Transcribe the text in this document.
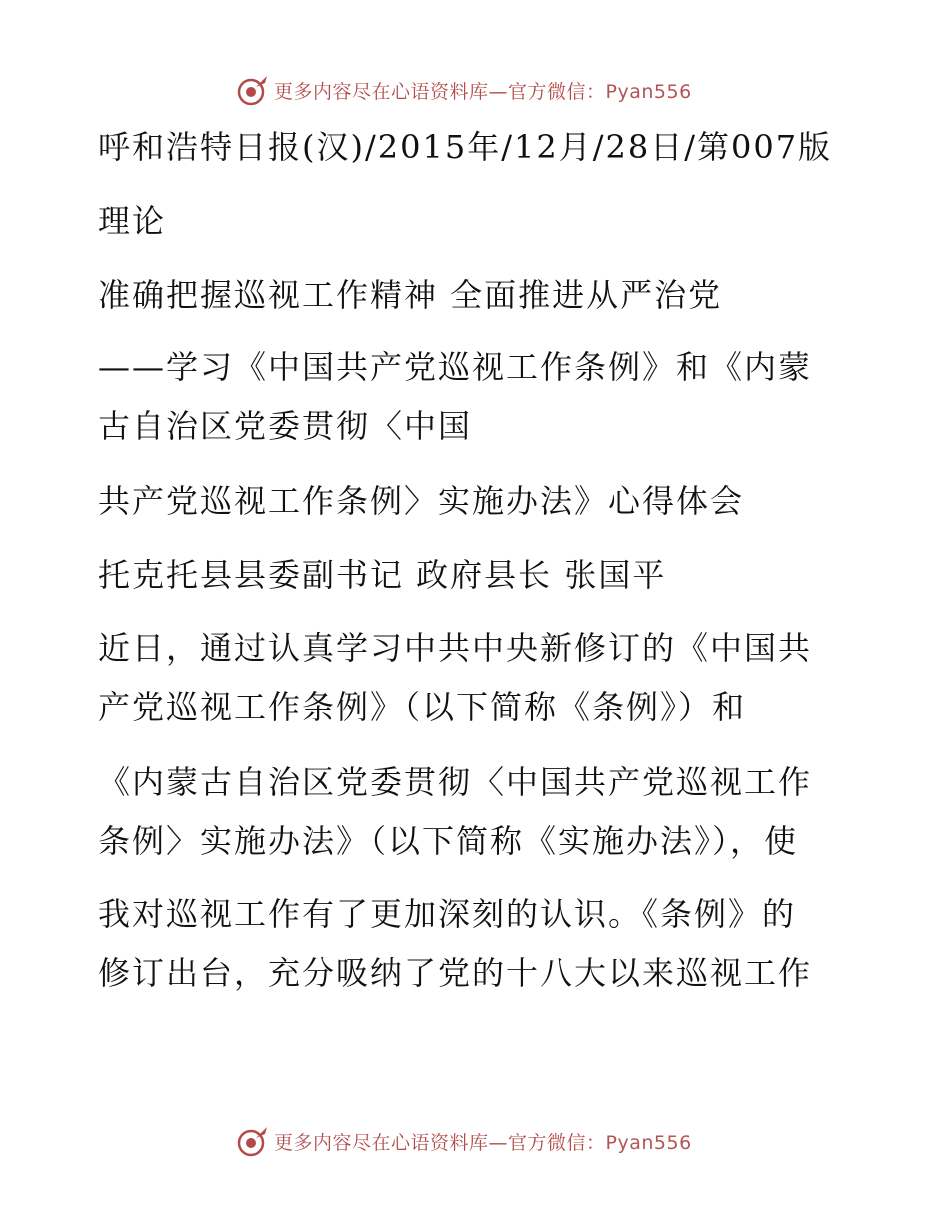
更多内容尽在心语资料库—官方微信：Pyan556
呼和浩特日报(汉)/2015年/12月/28日/第007版
理论
准确把握巡视工作精神 全面推进从严治党
——学习《中国共产党巡视工作条例》和《内蒙
古自治区党委贯彻〈中国
共产党巡视工作条例〉实施办法》心得体会
托克托县县委副书记 政府县长 张国平
近日，通过认真学习中共中央新修订的《中国共
产党巡视工作条例》（以下简称《条例》）和
《内蒙古自治区党委贯彻〈中国共产党巡视工作
条例〉实施办法》（以下简称《实施办法》），使
我对巡视工作有了更加深刻的认识。《条例》的
修订出台，充分吸纳了党的十八大以来巡视工作
更多内容尽在心语资料库—官方微信：Pyan556
